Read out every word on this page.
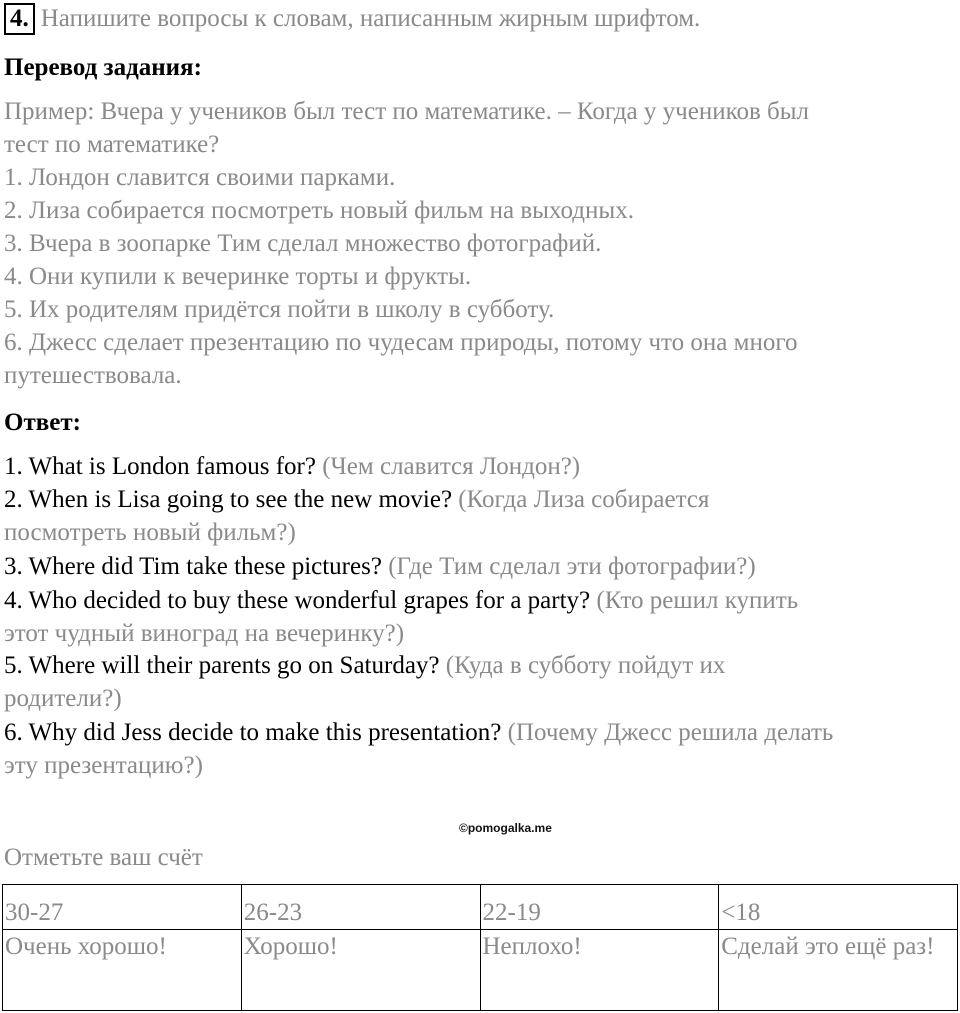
4. Напишите вопросы к словам, написанным жирным шрифтом.
Перевод задания:
Пример: Вчера у учеников был тест по математике. – Когда у учеников был
тест по математике?
1. Лондон славится своими парками.
2. Лиза собирается посмотреть новый фильм на выходных.
3. Вчера в зоопарке Тим сделал множество фотографий.
4. Они купили к вечеринке торты и фрукты.
5. Их родителям придётся пойти в школу в субботу.
6. Джесс сделает презентацию по чудесам природы, потому что она много
путешествовала.
Ответ:
1. What is London famous for? (Чем славится Лондон?)
2. When is Lisa going to see the new movie? (Когда Лиза собирается
посмотреть новый фильм?)
3. Where did Tim take these pictures? (Где Тим сделал эти фотографии?)
4. Who decided to buy these wonderful grapes for a party? (Кто решил купить
этот чудный виноград на вечеринку?)
5. Where will their parents go on Saturday? (Куда в субботу пойдут их
родители?)
6. Why did Jess decide to make this presentation? (Почему Джесс решила делать
эту презентацию?)
©pomogalka.me
Отметьте ваш счёт
30-27	26-23	22-19	<18
Очень хорошо!	Хорошо!	Неплохо!	Сделай это ещё раз!
